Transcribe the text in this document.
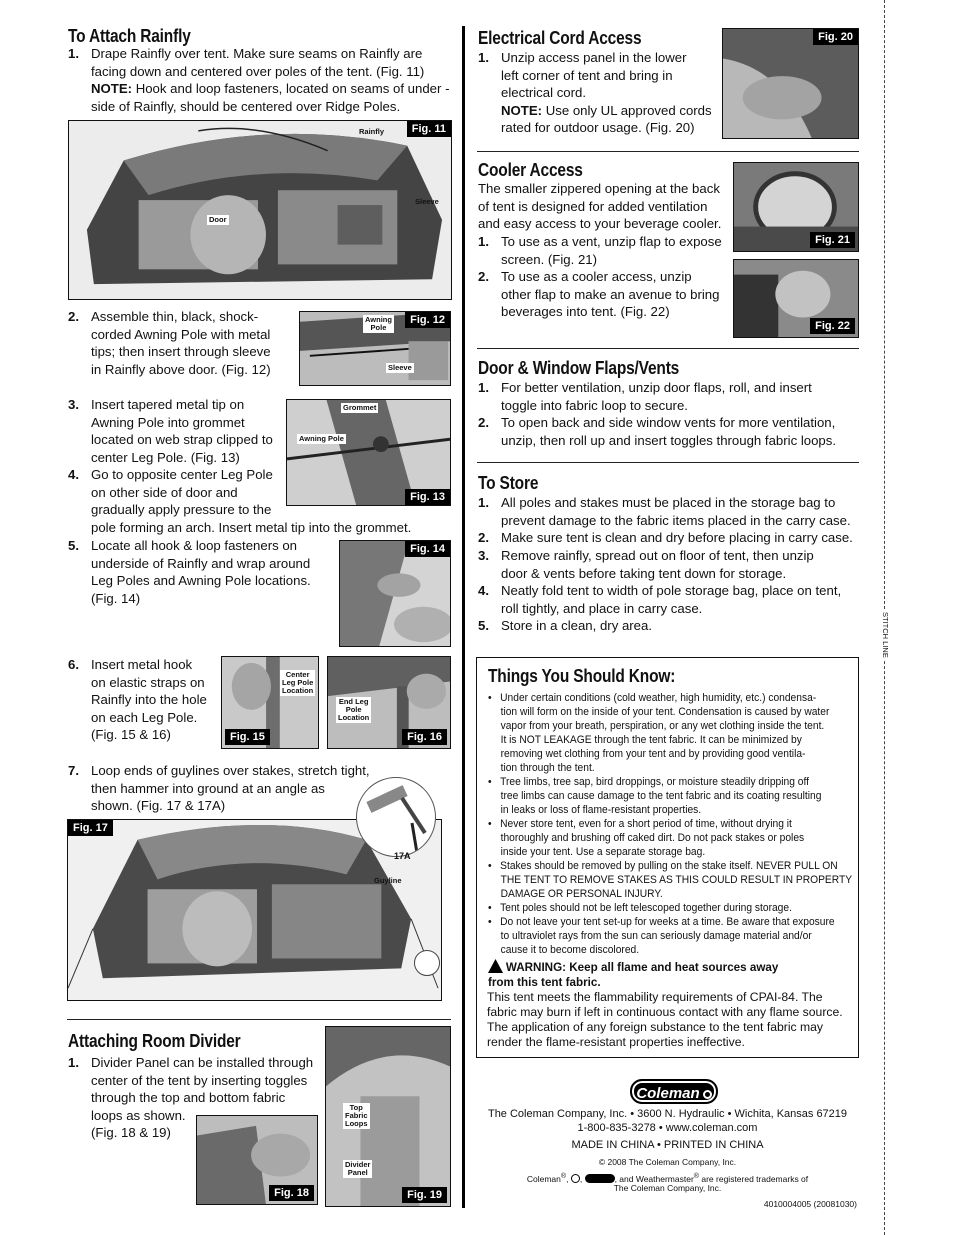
To Attach Rainfly
1. Drape Rainfly over tent. Make sure seams on Rainfly are
facing down and centered over poles of the tent. (Fig. 11)
NOTE: Hook and loop fasteners, located on seams of under -
side of Rainfly, should be centered over Ridge Poles.
Fig. 11
Rainfly
Sleeve
Door
2. Assemble thin, black, shock-
corded Awning Pole with metal
tips; then insert through sleeve
in Rainfly above door. (Fig. 12)
Fig. 12
Awning
Pole
Sleeve
3. Insert tapered metal tip on
Awning Pole into grommet
located on web strap clipped to
center Leg Pole. (Fig. 13)
Grommet
Awning Pole
Fig. 13
4. Go to opposite center Leg Pole
on other side of door and
gradually apply pressure to the
pole forming an arch. Insert metal tip into the grommet.
5. Locate all hook & loop fasteners on
underside of Rainfly and wrap around
Leg Poles and Awning Pole locations.
(Fig. 14)
Fig. 14
6. Insert metal hook
on elastic straps on
Rainfly into the hole
on each Leg Pole.
(Fig. 15 & 16)
Center
Leg Pole
Location
Fig. 15
End Leg
Pole
Location
Fig. 16
7. Loop ends of guylines over stakes, stretch tight,
then hammer into ground at an angle as
shown. (Fig. 17 & 17A)
Fig. 17
17A
Guyline
Attaching Room Divider
1. Divider Panel can be installed through
center of the tent by inserting toggles
through the top and bottom fabric
loops as shown.
(Fig. 18 & 19)
Fig. 18
Top
Fabric
Loops
Divider
Panel
Fig. 19
Electrical Cord Access
1. Unzip access panel in the lower
left corner of tent and bring in
electrical cord.
NOTE: Use only UL approved cords
rated for outdoor usage. (Fig. 20)
Fig. 20
Cooler Access
The smaller zippered opening at the back
of tent is designed for added ventilation
and easy access to your beverage cooler.
1. To use as a vent, unzip flap to expose
screen. (Fig. 21)
2. To use as a cooler access, unzip
other flap to make an avenue to bring
beverages into tent. (Fig. 22)
Fig. 21
Fig. 22
Door & Window Flaps/Vents
1. For better ventilation, unzip door flaps, roll, and insert
toggle into fabric loop to secure.
2. To open back and side window vents for more ventilation,
unzip, then roll up and insert toggles through fabric loops.
To Store
1. All poles and stakes must be placed in the storage bag to
prevent damage to the fabric items placed in the carry case.
2. Make sure tent is clean and dry before placing in carry case.
3. Remove rainfly, spread out on floor of tent, then unzip
door & vents before taking tent down for storage.
4. Neatly fold tent to width of pole storage bag, place on tent,
roll tightly, and place in carry case.
5. Store in a clean, dry area.
Things You Should Know:
•   Under certain conditions (cold weather, high humidity, etc.) condensa-
tion will form on the inside of your tent. Condensation is caused by water
vapor from your breath, perspiration, or any wet clothing inside the tent.
It is NOT LEAKAGE through the tent fabric. It can be minimized by
removing wet clothing from your tent and by providing good ventila-
tion through the tent.
•   Tree limbs, tree sap, bird droppings, or moisture steadily dripping off
tree limbs can cause damage to the tent fabric and its coating resulting
in leaks or loss of flame-resistant properties.
•   Never store tent, even for a short period of time, without drying it
thoroughly and brushing off caked dirt. Do not pack stakes or poles
inside your tent. Use a separate storage bag.
•   Stakes should be removed by pulling on the stake itself. NEVER PULL ON
THE TENT TO REMOVE STAKES AS THIS COULD RESULT IN PROPERTY
DAMAGE OR PERSONAL INJURY.
•   Tent poles should not be left telescoped together during storage.
•   Do not leave your tent set-up for weeks at a time. Be aware that exposure
to ultraviolet rays from the sun can seriously damage material and/or
cause it to become discolored.
WARNING: Keep all flame and heat sources away
from this tent fabric.
This tent meets the flammability requirements of CPAI-84. The
fabric may burn if left in continuous contact with any flame source.
The application of any foreign substance to the tent fabric may
render the flame-resistant properties ineffective.
Coleman
The Coleman Company, Inc. • 3600 N. Hydraulic • Wichita, Kansas 67219
1-800-835-3278 • www.coleman.com
MADE IN CHINA • PRINTED IN CHINA
© 2008 The Coleman Company, Inc.
Coleman®, ,	, and Weathermaster® are registered trademarks of
The Coleman Company, Inc.
4010004005 (20081030)
STITCH LINE
